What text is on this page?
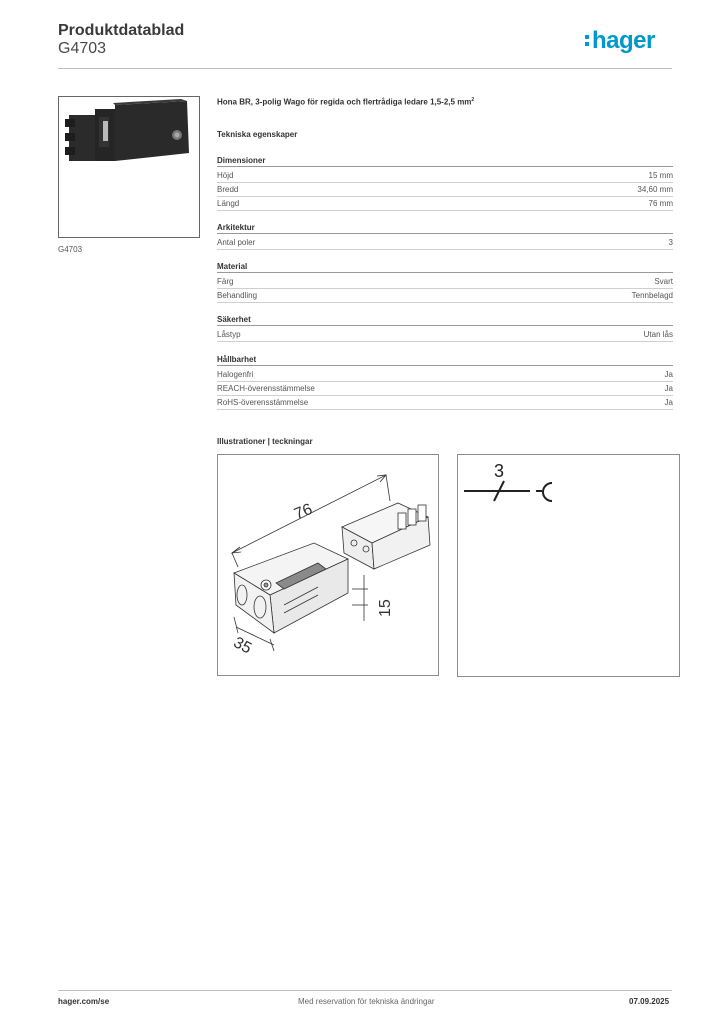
Produktdatablad
G4703	hager
G4703
Hona BR, 3-polig Wago för regida och flertrådiga ledare 1,5-2,5 $mm^2$
Tekniska egenskaper
Dimensioner
Höjd	15 mm
Bredd	34,60 mm
Längd	76 mm
Arkitektur
Antal poler	3
Material
Färg	Svart
Behandling	Tennbelagd
Säkerhet
Låstyp	Utan lås
Hållbarhet
Halogenfri	Ja
REACH-överensstämmelse	Ja
RoHS-överensstämmelse	Ja
Illustrationer | teckningar
76
35
15
3
hager.com/se	Med reservation för tekniska ändringar	07.09.2025
